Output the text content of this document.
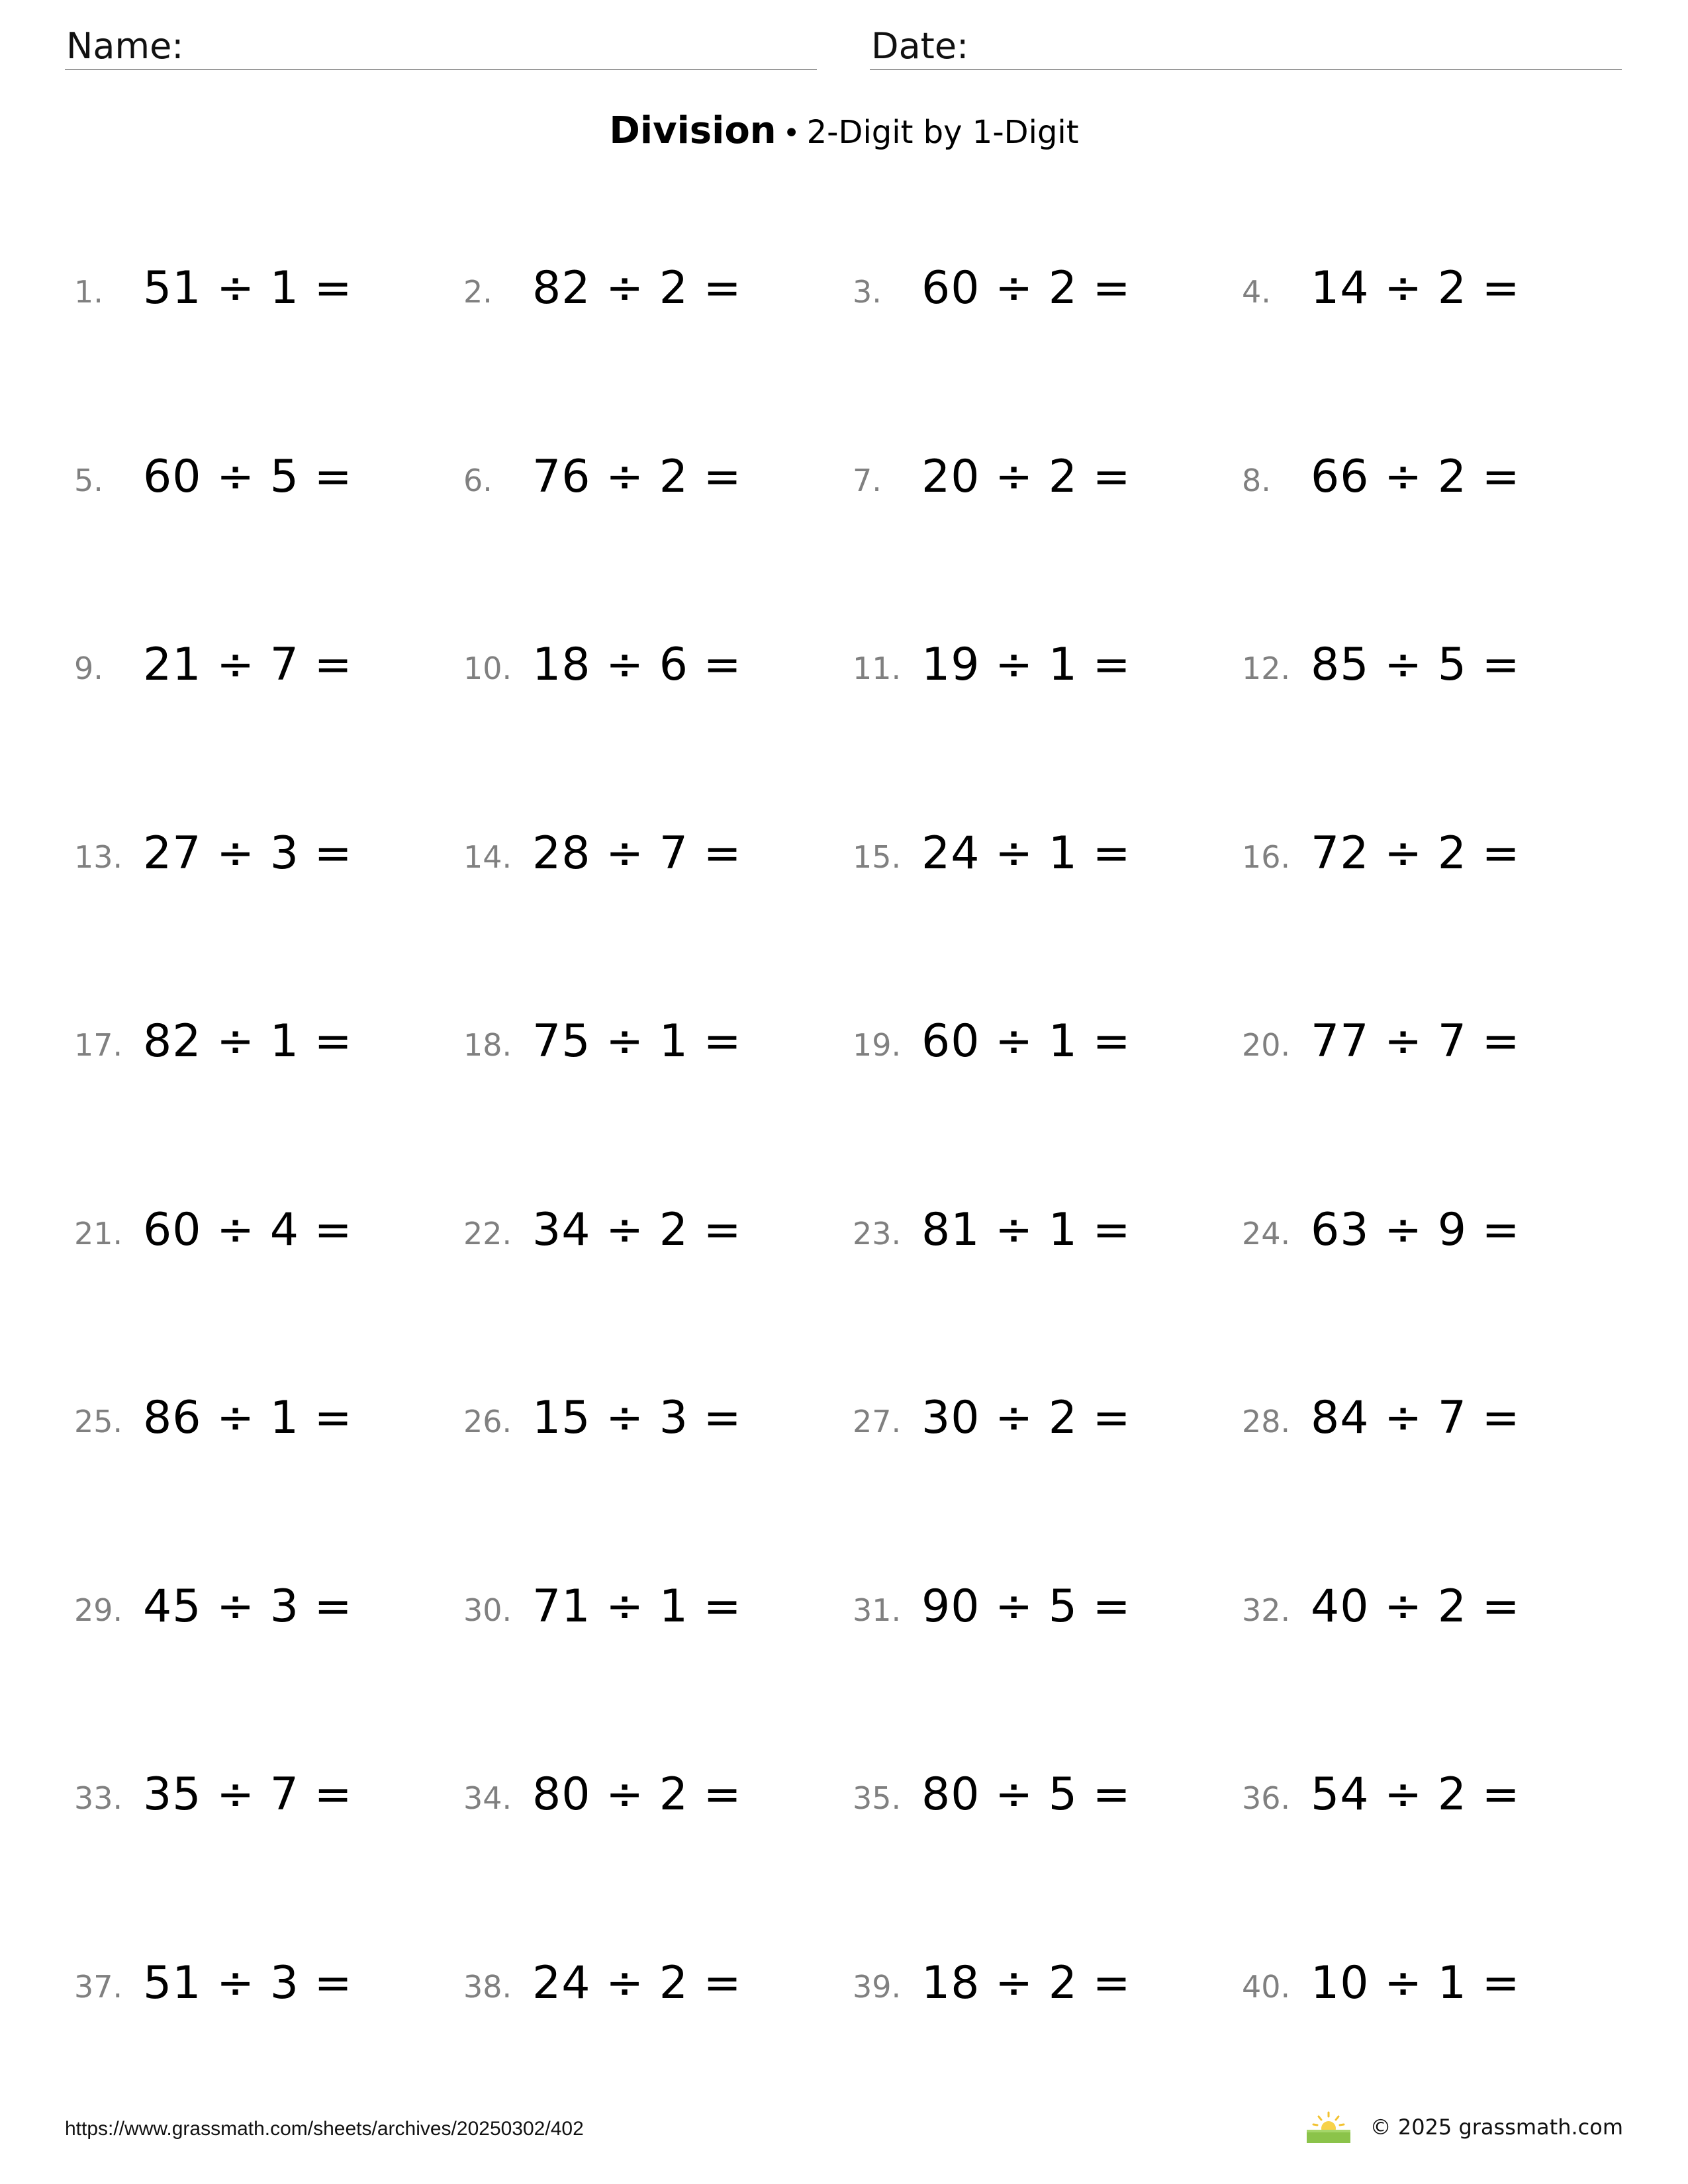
Name:	Date:
Division • 2-Digit by 1-Digit
1. 51 ÷ 1 =	2. 82 ÷ 2 =	3. 60 ÷ 2 =	4. 14 ÷ 2 =
5. 60 ÷ 5 =	6. 76 ÷ 2 =	7. 20 ÷ 2 =	8. 66 ÷ 2 =
9. 21 ÷ 7 =	10. 18 ÷ 6 =	11. 19 ÷ 1 =	12. 85 ÷ 5 =
13. 27 ÷ 3 =	14. 28 ÷ 7 =	15. 24 ÷ 1 =	16. 72 ÷ 2 =
17. 82 ÷ 1 =	18. 75 ÷ 1 =	19. 60 ÷ 1 =	20. 77 ÷ 7 =
21. 60 ÷ 4 =	22. 34 ÷ 2 =	23. 81 ÷ 1 =	24. 63 ÷ 9 =
25. 86 ÷ 1 =	26. 15 ÷ 3 =	27. 30 ÷ 2 =	28. 84 ÷ 7 =
29. 45 ÷ 3 =	30. 71 ÷ 1 =	31. 90 ÷ 5 =	32. 40 ÷ 2 =
33. 35 ÷ 7 =	34. 80 ÷ 2 =	35. 80 ÷ 5 =	36. 54 ÷ 2 =
37. 51 ÷ 3 =	38. 24 ÷ 2 =	39. 18 ÷ 2 =	40. 10 ÷ 1 =
https://www.grassmath.com/sheets/archives/20250302/402	© 2025 grassmath.com
